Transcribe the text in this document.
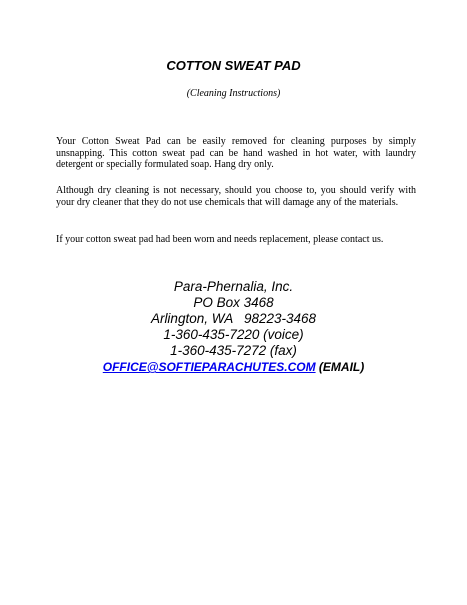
COTTON SWEAT PAD
(Cleaning Instructions)

Your Cotton Sweat Pad can be easily removed for cleaning purposes by simply unsnapping. This cotton sweat pad can be hand washed in hot water, with laundry detergent or specially formulated soap. Hang dry only.

Although dry cleaning is not necessary, should you choose to, you should verify with your dry cleaner that they do not use chemicals that will damage any of the materials.

If your cotton sweat pad had been worn and needs replacement, please contact us.

Para-Phernalia, Inc.
PO Box 3468
Arlington, WA   98223-3468
1-360-435-7220 (voice)
1-360-435-7272 (fax)
OFFICE@SOFTIEPARACHUTES.COM (EMAIL)
